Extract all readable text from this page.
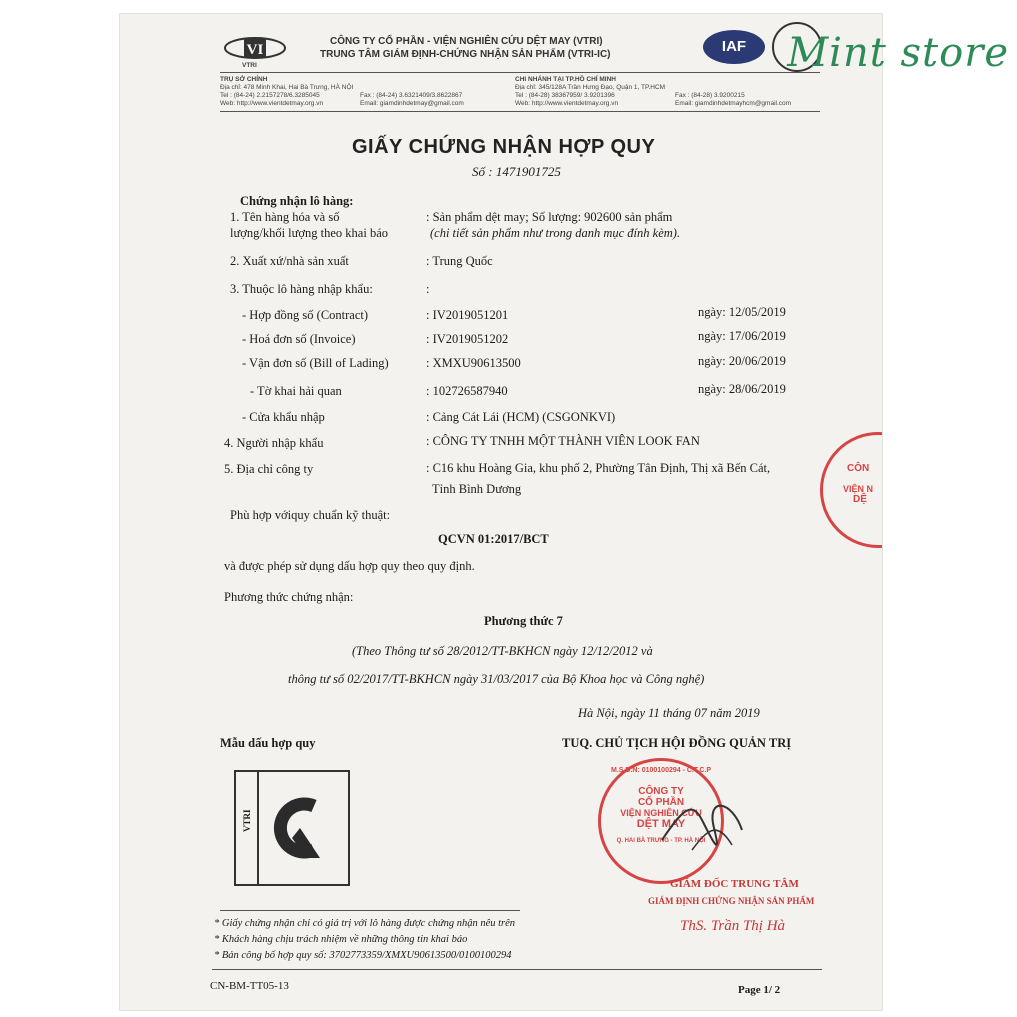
VI
VTRI
CÔNG TY CỔ PHẦN - VIỆN NGHIÊN CỨU DỆT MAY (VTRI)
TRUNG TÂM GIÁM ĐỊNH-CHỨNG NHẬN SẢN PHẨM (VTRI-IC)	IAF
TRỤ SỞ CHÍNH
Địa chỉ: 478 Minh Khai, Hai Bà Trưng, HÀ NỘI
Tel : (84-24) 2.2157278/6.3285045	Fax : (84-24) 3.6321409/3.8622867
Web: http://www.vientdetmay.org.vn	Email: giamdinhdetmay@gmail.com
CHI NHÁNH TẠI TP.HỒ CHÍ MINH
Địa chỉ: 345/128A Trần Hưng Đạo, Quận 1, TP.HCM
Tel : (84-28) 38367959/ 3.9201396	Fax : (84-28) 3.9200215
Web: http://www.vientdetmay.org.vn	Email: giamdinhdetmayhcm@gmail.com
GIẤY CHỨNG NHẬN HỢP QUY
Số : 1471901725
Chứng nhận lô hàng:
1. Tên hàng hóa và số
lượng/khối lượng theo khai báo
: Sản phẩm dệt may; Số lượng: 902600 sản phẩm
(chi tiết sản phẩm như trong danh mục đính kèm).
2. Xuất xứ/nhà sản xuất	: Trung Quốc
3. Thuộc lô hàng nhập khẩu:	:
- Hợp đồng số (Contract)	: IV2019051201	ngày: 12/05/2019
- Hoá đơn số (Invoice)	: IV2019051202	ngày: 17/06/2019
- Vận đơn số (Bill of Lading)	: XMXU90613500	ngày: 20/06/2019
- Tờ khai hải quan	: 102726587940	ngày: 28/06/2019
- Cửa khẩu nhập	: Cảng Cát Lái (HCM) (CSGONKVI)
4. Người nhập khẩu	: CÔNG TY TNHH MỘT THÀNH VIÊN LOOK FAN
5. Địa chỉ công ty	: C16 khu Hoàng Gia, khu phố 2, Phường Tân Định, Thị xã Bến Cát,
Tỉnh Bình Dương
Phù hợp vớiquy chuẩn kỹ thuật:
QCVN 01:2017/BCT
và được phép sử dụng dấu hợp quy theo quy định.
Phương thức chứng nhận:
Phương thức 7
(Theo Thông tư số 28/2012/TT-BKHCN ngày 12/12/2012 và
thông tư số 02/2017/TT-BKHCN ngày 31/03/2017 của Bộ Khoa học và Công nghệ)
Hà Nội, ngày 11 tháng 07 năm 2019
Mẫu dấu hợp quy
VTRI
TUQ. CHỦ TỊCH HỘI ĐỒNG QUẢN TRỊ
M.S.D.N: 0100100294 - C.T.C.P
CÔNG TY
CỔ PHẦN
VIỆN NGHIÊN CỨU
DỆT MAY
Q. HAI BÀ TRƯNG - TP. HÀ NỘI
GIÁM ĐỐC TRUNG TÂM
GIÁM ĐỊNH CHỨNG NHẬN SẢN PHẨM
ThS. Trần Thị Hà
CÔN
VIỆN N
DỆ
* Giấy chứng nhận chỉ có giá trị với lô hàng được chứng nhận nêu trên
* Khách hàng chịu trách nhiệm về những thông tin khai báo
* Bản công bố hợp quy số: 3702773359/XMXU90613500/0100100294
CN-BM-TT05-13	Page 1/ 2
Mint store
